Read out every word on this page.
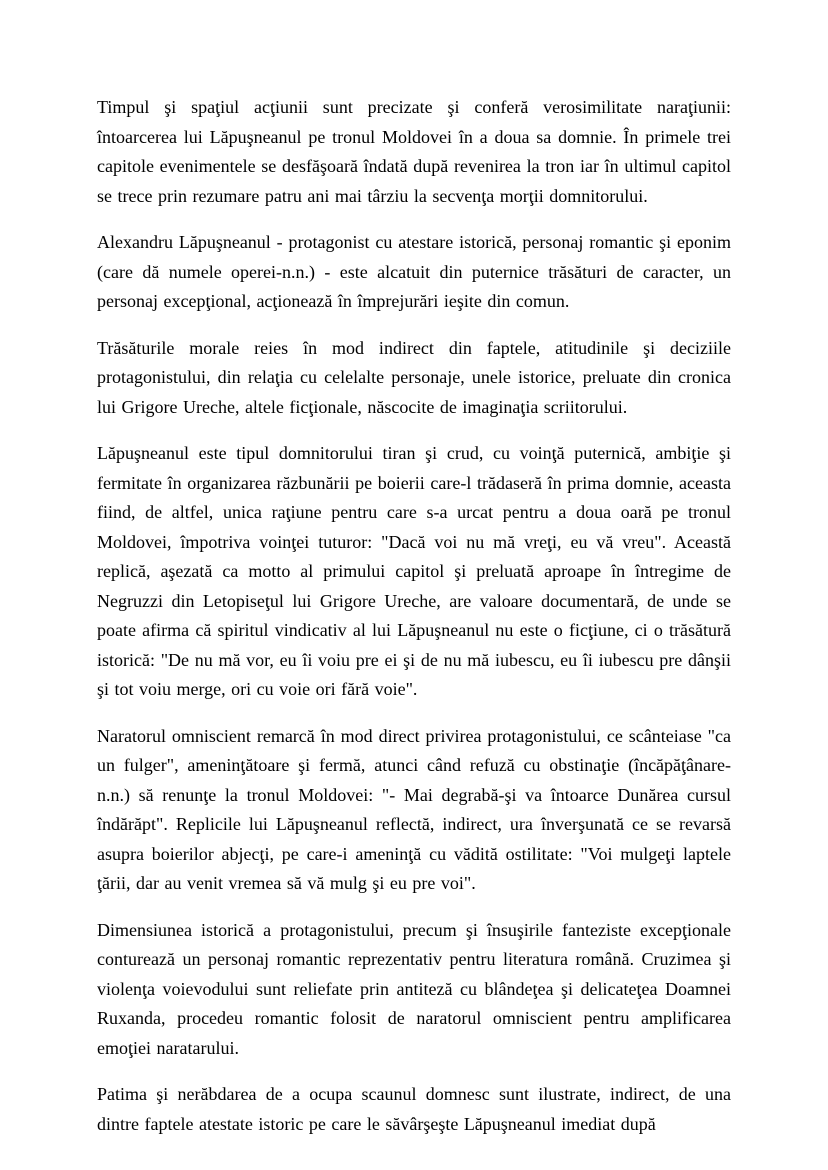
Timpul şi spaţiul acţiunii sunt precizate şi conferă verosimilitate naraţiunii: întoarcerea lui Lăpuşneanul pe tronul Moldovei în a doua sa domnie. În primele trei capitole evenimentele se desfăşoară îndată după revenirea la tron iar în ultimul capitol se trece prin rezumare patru ani mai târziu la secvenţa morţii domnitorului.

Alexandru Lăpuşneanul - protagonist cu atestare istorică, personaj romantic şi eponim (care dă numele operei-n.n.) - este alcatuit din puternice trăsături de caracter, un personaj excepţional, acţionează în împrejurări ieşite din comun.

Trăsăturile morale reies în mod indirect din faptele, atitudinile şi deciziile protagonistului, din relaţia cu celelalte personaje, unele istorice, preluate din cronica lui Grigore Ureche, altele ficţionale, născocite de imaginaţia scriitorului.

Lăpuşneanul este tipul domnitorului tiran şi crud, cu voinţă puternică, ambiţie şi fermitate în organizarea răzbunării pe boierii care-l trădaseră în prima domnie, aceasta fiind, de altfel, unica raţiune pentru care s-a urcat pentru a doua oară pe tronul Moldovei, împotriva voinţei tuturor: "Dacă voi nu mă vreţi, eu vă vreu". Această replică, aşezată ca motto al primului capitol şi preluată aproape în întregime de Negruzzi din Letopiseţul lui Grigore Ureche, are valoare documentară, de unde se poate afirma că spiritul vindicativ al lui Lăpuşneanul nu este o ficţiune, ci o trăsătură istorică: "De nu mă vor, eu îi voiu pre ei şi de nu mă iubescu, eu îi iubescu pre dânşii şi tot voiu merge, ori cu voie ori fără voie".

Naratorul omniscient remarcă în mod direct privirea protagonistului, ce scânteiase "ca un fulger", ameninţătoare şi fermă, atunci când refuză cu obstinaţie (încăpăţânare-n.n.) să renunţe la tronul Moldovei: "- Mai degrabă-şi va întoarce Dunărea cursul îndărăpt". Replicile lui Lăpuşneanul reflectă, indirect, ura înverşunată ce se revarsă asupra boierilor abjecţi, pe care-i ameninţă cu vădită ostilitate: "Voi mulgeţi laptele ţării, dar au venit vremea să vă mulg şi eu pre voi".

Dimensiunea istorică a protagonistului, precum şi însuşirile fanteziste excepţionale conturează un personaj romantic reprezentativ pentru literatura română. Cruzimea şi violenţa voievodului sunt reliefate prin antiteză cu blândeţea şi delicateţea Doamnei Ruxanda, procedeu romantic folosit de naratorul omniscient pentru amplificarea emoţiei naratarului.

Patima şi nerăbdarea de a ocupa scaunul domnesc sunt ilustrate, indirect, de una dintre faptele atestate istoric pe care le săvârşeşte Lăpuşneanul imediat după
